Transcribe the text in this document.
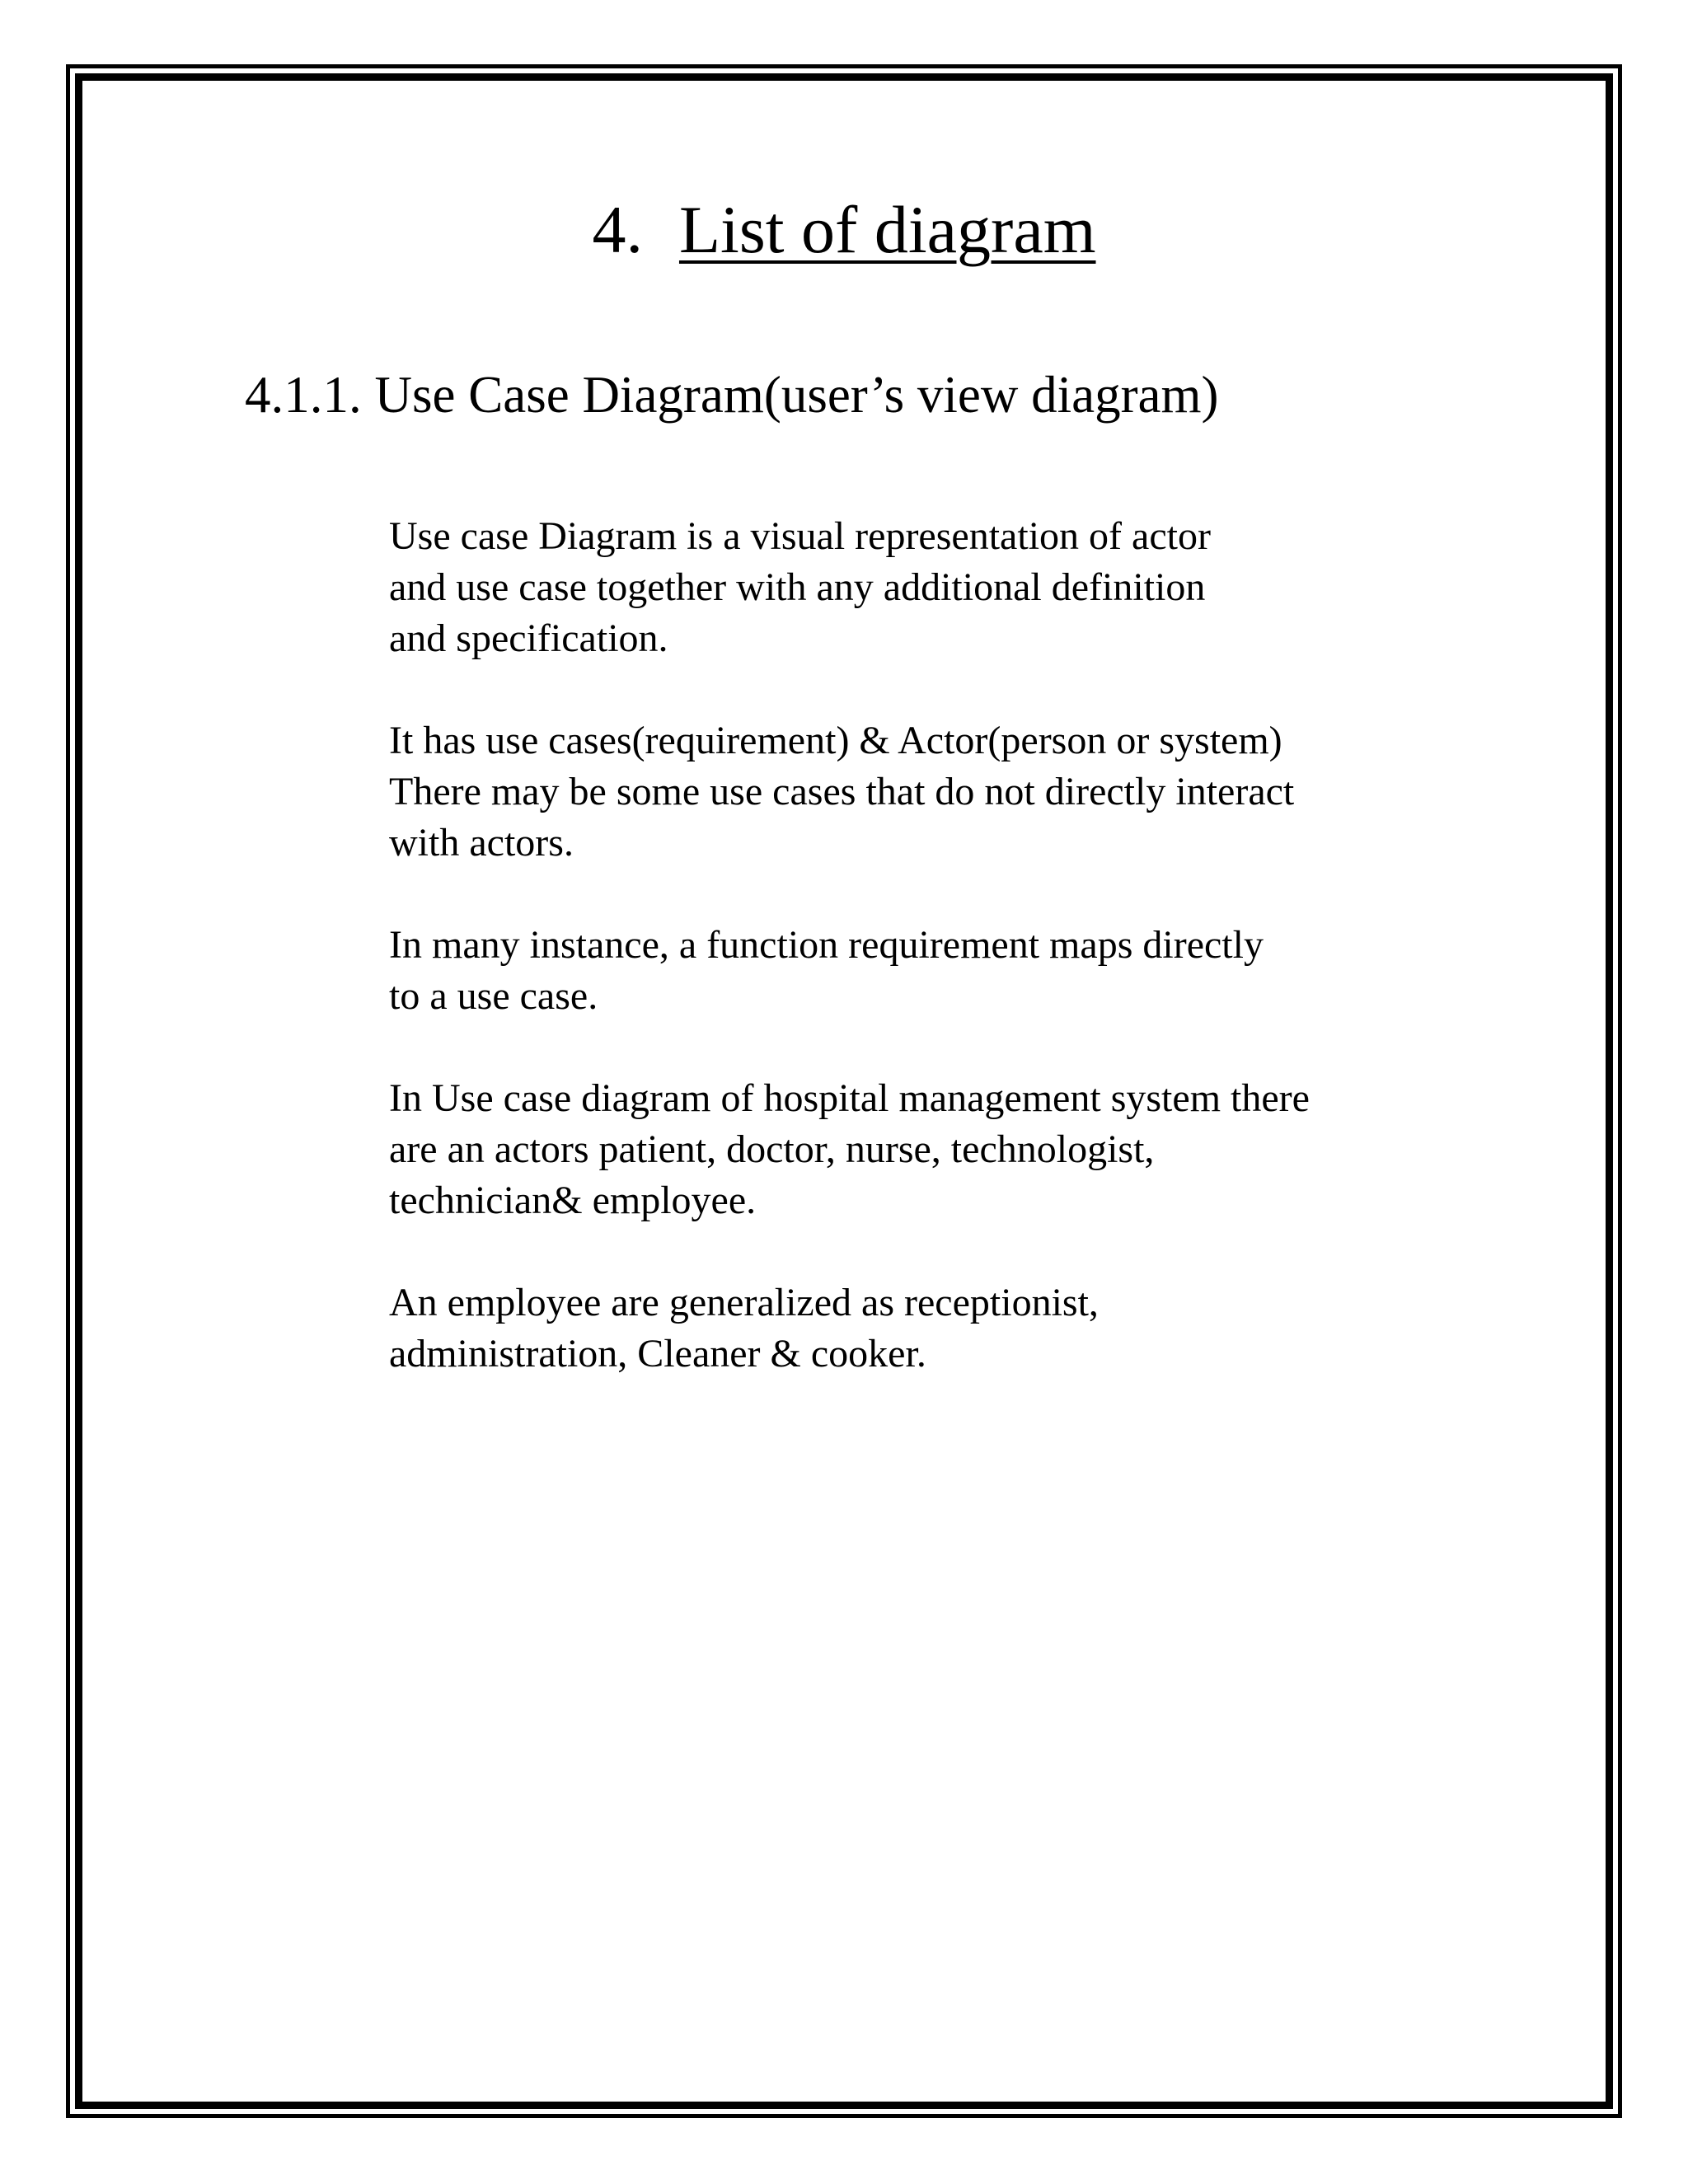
4. List of diagram
4.1.1. Use Case Diagram(user’s view diagram)

Use case Diagram is a visual representation of actor
and use case together with any additional definition
and specification.

It has use cases(requirement) & Actor(person or system)
There may be some use cases that do not directly interact
with actors.

In many instance, a function requirement maps directly
to a use case.

In Use case diagram of hospital management system there
are an actors patient, doctor, nurse, technologist,
technician& employee.

An employee are generalized as receptionist,
administration, Cleaner & cooker.
